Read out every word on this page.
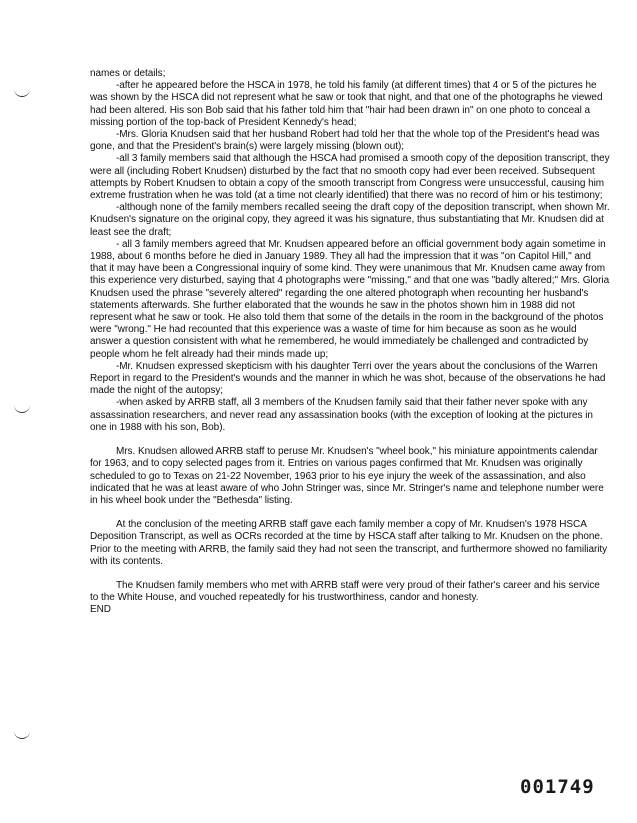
names or details;

-after he appeared before the HSCA in 1978, he told his family (at different times) that 4 or 5 of the pictures he was shown by the HSCA did not represent what he saw or took that night, and that one of the photographs he viewed had been altered. His son Bob said that his father told him that "hair had been drawn in" on one photo to conceal a missing portion of the top-back of President Kennedy's head;

-Mrs. Gloria Knudsen said that her husband Robert had told her that the whole top of the President's head was gone, and that the President's brain(s) were largely missing (blown out);

-all 3 family members said that although the HSCA had promised a smooth copy of the deposition transcript, they were all (including Robert Knudsen) disturbed by the fact that no smooth copy had ever been received. Subsequent attempts by Robert Knudsen to obtain a copy of the smooth transcript from Congress were unsuccessful, causing him extreme frustration when he was told (at a time not clearly identified) that there was no record of him or his testimony;

-although none of the family members recalled seeing the draft copy of the deposition transcript, when shown Mr. Knudsen's signature on the original copy, they agreed it was his signature, thus substantiating that Mr. Knudsen did at least see the draft;

- all 3 family members agreed that Mr. Knudsen appeared before an official government body again sometime in 1988, about 6 months before he died in January 1989. They all had the impression that it was "on Capitol Hill," and that it may have been a Congressional inquiry of some kind. They were unanimous that Mr. Knudsen came away from this experience very disturbed, saying that 4 photographs were "missing," and that one was "badly altered;" Mrs. Gloria Knudsen used the phrase "severely altered" regarding the one altered photograph when recounting her husband's statements afterwards. She further elaborated that the wounds he saw in the photos shown him in 1988 did not represent what he saw or took. He also told them that some of the details in the room in the background of the photos were "wrong." He had recounted that this experience was a waste of time for him because as soon as he would answer a question consistent with what he remembered, he would immediately be challenged and contradicted by people whom he felt already had their minds made up;

-Mr. Knudsen expressed skepticism with his daughter Terri over the years about the conclusions of the Warren Report in regard to the President's wounds and the manner in which he was shot, because of the observations he had made the night of the autopsy;

-when asked by ARRB staff, all 3 members of the Knudsen family said that their father never spoke with any assassination researchers, and never read any assassination books (with the exception of looking at the pictures in one in 1988 with his son, Bob).

Mrs. Knudsen allowed ARRB staff to peruse Mr. Knudsen's "wheel book," his miniature appointments calendar for 1963, and to copy selected pages from it. Entries on various pages confirmed that Mr. Knudsen was originally scheduled to go to Texas on 21-22 November, 1963 prior to his eye injury the week of the assassination, and also indicated that he was at least aware of who John Stringer was, since Mr. Stringer's name and telephone number were in his wheel book under the "Bethesda" listing.

At the conclusion of the meeting ARRB staff gave each family member a copy of Mr. Knudsen's 1978 HSCA Deposition Transcript, as well as OCRs recorded at the time by HSCA staff after talking to Mr. Knudsen on the phone. Prior to the meeting with ARRB, the family said they had not seen the transcript, and furthermore showed no familiarity with its contents.

The Knudsen family members who met with ARRB staff were very proud of their father's career and his service to the White House, and vouched repeatedly for his trustworthiness, candor and honesty.

END

001749
